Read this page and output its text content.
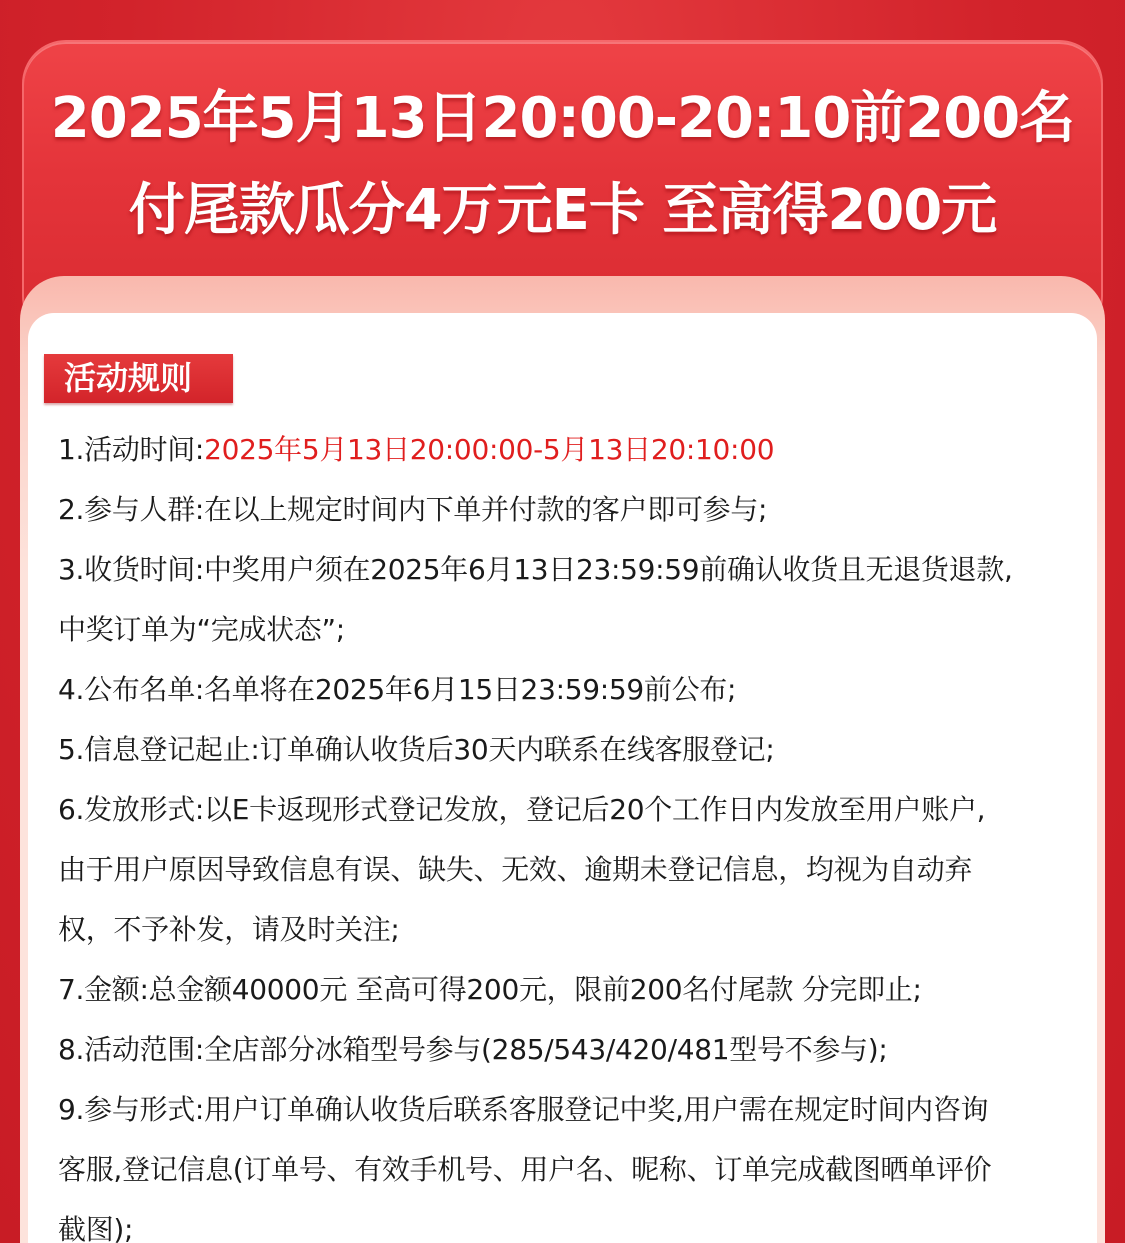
2025年5月13日20:00-20:10前200名
付尾款瓜分4万元E卡 至高得200元
活动规则
1.活动时间:2025年5月13日20:00:00-5月13日20:10:00
2.参与人群:在以上规定时间内下单并付款的客户即可参与;
3.收货时间:中奖用户须在2025年6月13日23:59:59前确认收货且无退货退款,
中奖订单为“完成状态”;
4.公布名单:名单将在2025年6月15日23:59:59前公布;
5.信息登记起止:订单确认收货后30天内联系在线客服登记;
6.发放形式:以E卡返现形式登记发放，登记后20个工作日内发放至用户账户,
由于用户原因导致信息有误、缺失、无效、逾期未登记信息，均视为自动弃
权，不予补发，请及时关注;
7.金额:总金额40000元 至高可得200元，限前200名付尾款 分完即止;
8.活动范围:全店部分冰箱型号参与(285/543/420/481型号不参与);
9.参与形式:用户订单确认收货后联系客服登记中奖,用户需在规定时间内咨询
客服,登记信息(订单号、有效手机号、用户名、昵称、订单完成截图晒单评价
截图);
